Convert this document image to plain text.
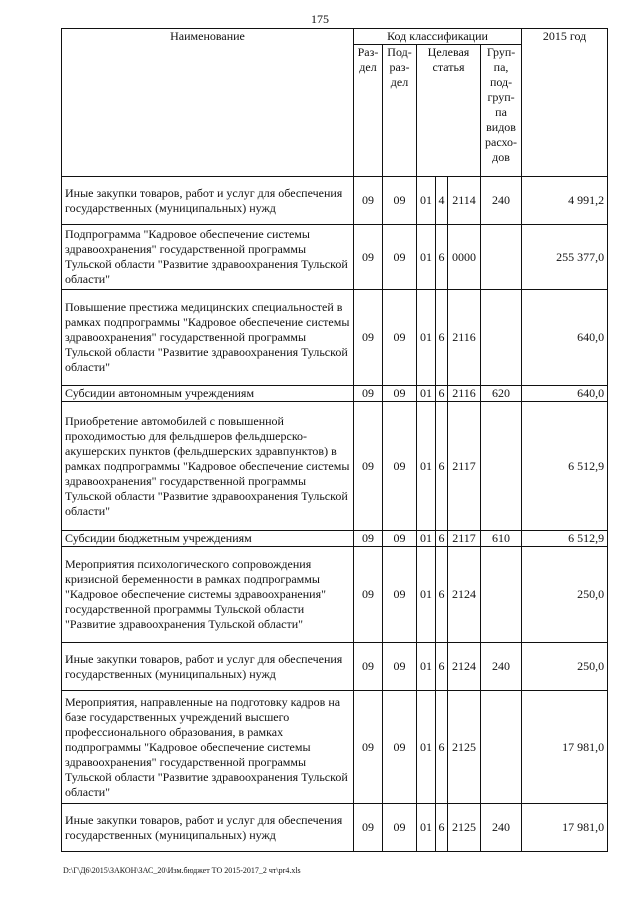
175
Наименование	Код классификации						2015 год
	Раз-дел	Под-раз-дел	Целевая статья			Груп-па, под-груп-па видов расхо-дов	
Иные закупки товаров, работ и услуг для обеспечения государственных (муниципальных) нужд	09	09	01	4	2114	240	4 991,2
Подпрограмма "Кадровое обеспечение системы здравоохранения" государственной программы Тульской области "Развитие здравоохранения Тульской области"	09	09	01	6	0000		255 377,0
Повышение престижа медицинских специальностей в рамках подпрограммы "Кадровое обеспечение системы здравоохранения" государственной программы Тульской области "Развитие здравоохранения Тульской области"	09	09	01	6	2116		640,0
Субсидии автономным учреждениям	09	09	01	6	2116	620	640,0
Приобретение автомобилей с повышенной проходимостью для фельдшеров фельдшерско-акушерских пунктов (фельдшерских здравпунктов) в рамках подпрограммы "Кадровое обеспечение системы здравоохранения" государственной программы Тульской области "Развитие здравоохранения Тульской области"	09	09	01	6	2117		6 512,9
Субсидии бюджетным учреждениям	09	09	01	6	2117	610	6 512,9
Мероприятия психологического сопровождения кризисной беременности в рамках подпрограммы "Кадровое обеспечение системы здравоохранения" государственной программы Тульской области "Развитие здравоохранения Тульской области"	09	09	01	6	2124		250,0
Иные закупки товаров, работ и услуг для обеспечения государственных (муниципальных) нужд	09	09	01	6	2124	240	250,0
Мероприятия, направленные на подготовку кадров на базе государственных учреждений высшего профессионального образования, в рамках подпрограммы "Кадровое обеспечение системы здравоохранения" государственной программы Тульской области "Развитие здравоохранения Тульской области"	09	09	01	6	2125		17 981,0
Иные закупки товаров, работ и услуг для обеспечения государственных (муниципальных) нужд	09	09	01	6	2125	240	17 981,0
D:\Г\Д6\2015\ЗАКОН\ЗАС_20\Изм.бюджет ТО 2015-2017_2 чт\pr4.xls
